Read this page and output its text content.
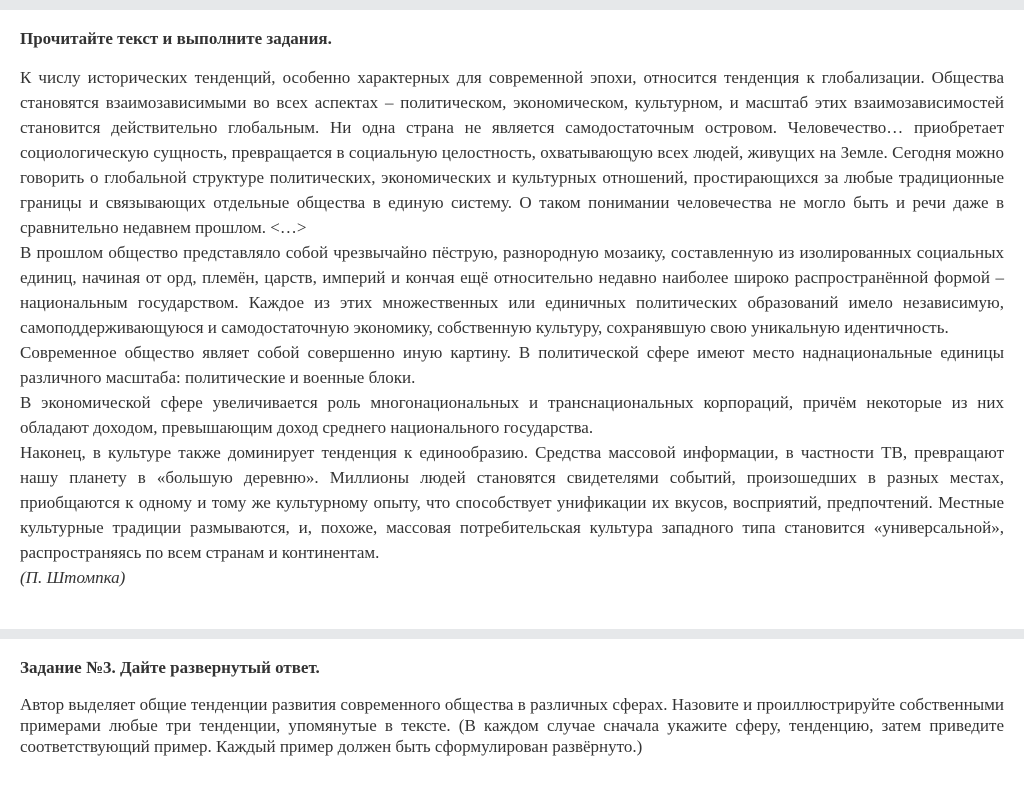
Прочитайте текст и выполните задания.

К числу исторических тенденций, особенно характерных для современной эпохи, относится тенденция к глобализации. Общества становятся взаимозависимыми во всех аспектах – политическом, экономическом, культурном, и масштаб этих взаимозависимостей становится действительно глобальным. Ни одна страна не является самодостаточным островом. Человечество… приобретает социологическую сущность, превращается в социальную целостность, охватывающую всех людей, живущих на Земле. Сегодня можно говорить о глобальной структуре политических, экономических и культурных отношений, простирающихся за любые традиционные границы и связывающих отдельные общества в единую систему. О таком понимании человечества не могло быть и речи даже в сравнительно недавнем прошлом. <…>

В прошлом общество представляло собой чрезвычайно пёструю, разнородную мозаику, составленную из изолированных социальных единиц, начиная от орд, племён, царств, империй и кончая ещё относительно недавно наиболее широко распространённой формой – национальным государством. Каждое из этих множественных или единичных политических образований имело независимую, самоподдерживающуюся и самодостаточную экономику, собственную культуру, сохранявшую свою уникальную идентичность.

Современное общество являет собой совершенно иную картину. В политической сфере имеют место наднациональные единицы различного масштаба: политические и военные блоки.

В экономической сфере увеличивается роль многонациональных и транснациональных корпораций, причём некоторые из них обладают доходом, превышающим доход среднего национального государства.

Наконец, в культуре также доминирует тенденция к единообразию. Средства массовой информации, в частности ТВ, превращают нашу планету в «большую деревню». Миллионы людей становятся свидетелями событий, произошедших в разных местах, приобщаются к одному и тому же культурному опыту, что способствует унификации их вкусов, восприятий, предпочтений. Местные культурные традиции размываются, и, похоже, массовая потребительская культура западного типа становится «универсальной», распространяясь по всем странам и континентам.

(П. Штомпка)
Задание №3. Дайте развернутый ответ.

Автор выделяет общие тенденции развития современного общества в различных сферах. Назовите и проиллюстрируйте собственными примерами любые три тенденции, упомянутые в тексте. (В каждом случае сначала укажите сферу, тенденцию, затем приведите соответствующий пример. Каждый пример должен быть сформулирован развёрнуто.)
